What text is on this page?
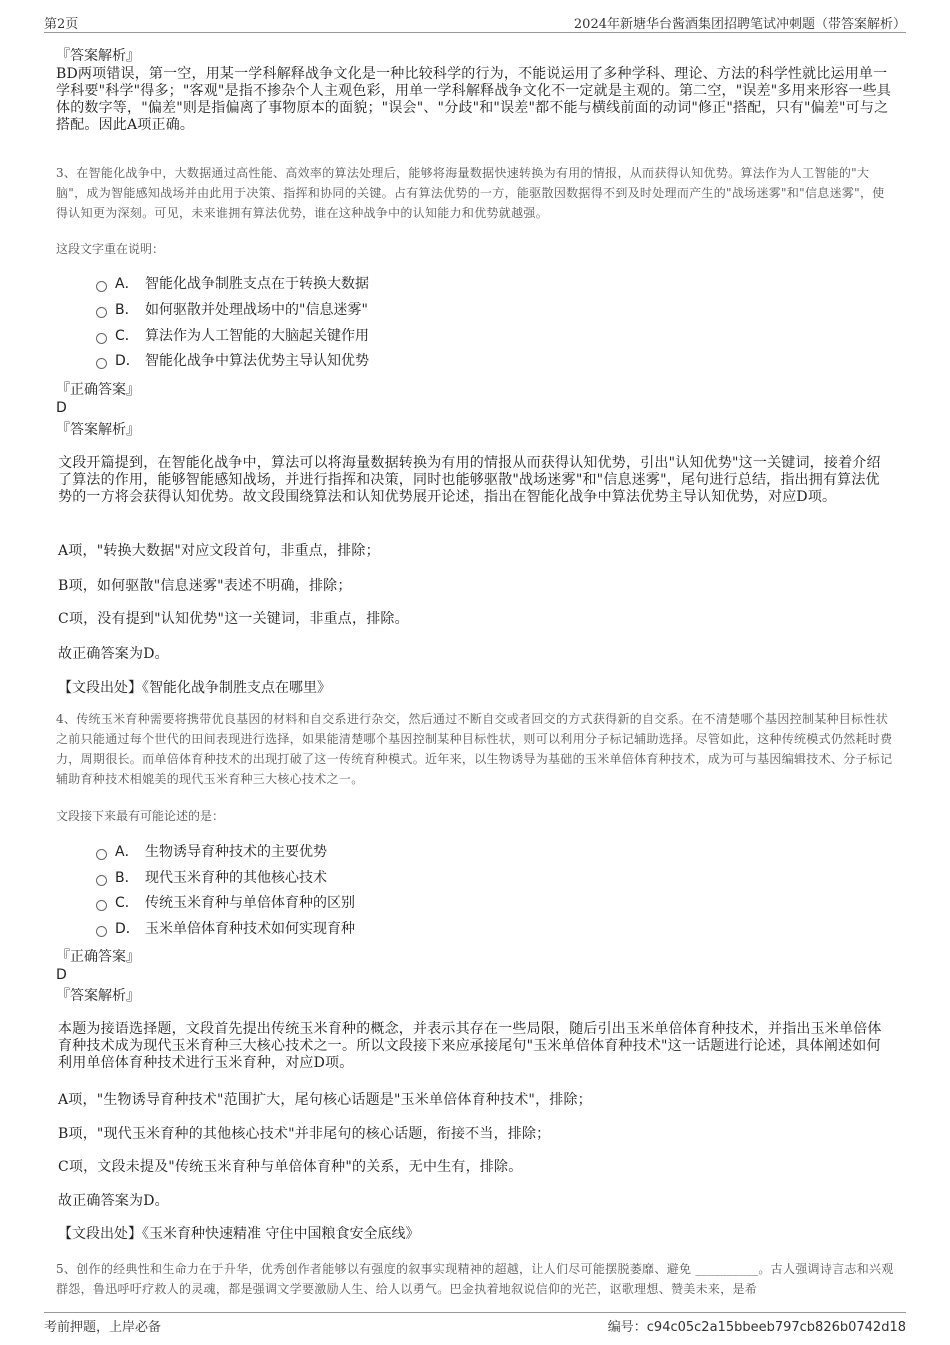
第2页	2024年新塘华台酱酒集团招聘笔试冲刺题（带答案解析）
『答案解析』
BD两项错误，第一空，用某一学科解释战争文化是一种比较科学的行为，不能说运用了多种学科、理论、方法的科学性就比运用单一学科要"科学"得多；"客观"是指不掺杂个人主观色彩，用单一学科解释战争文化不一定就是主观的。第二空，"误差"多用来形容一些具体的数字等，"偏差"则是指偏离了事物原本的面貌；"误会"、"分歧"和"误差"都不能与横线前面的动词"修正"搭配，只有"偏差"可与之搭配。因此A项正确。
3、在智能化战争中，大数据通过高性能、高效率的算法处理后，能够将海量数据快速转换为有用的情报，从而获得认知优势。算法作为人工智能的"大脑"，成为智能感知战场并由此用于决策、指挥和协同的关键。占有算法优势的一方，能驱散因数据得不到及时处理而产生的"战场迷雾"和"信息迷雾"，使得认知更为深刻。可见，未来谁拥有算法优势，谁在这种战争中的认知能力和优势就越强。
这段文字重在说明：
A． 智能化战争制胜支点在于转换大数据
B． 如何驱散并处理战场中的"信息迷雾"
C． 算法作为人工智能的大脑起关键作用
D． 智能化战争中算法优势主导认知优势
『正确答案』
D
『答案解析』
文段开篇提到，在智能化战争中，算法可以将海量数据转换为有用的情报从而获得认知优势，引出"认知优势"这一关键词，接着介绍了算法的作用，能够智能感知战场，并进行指挥和决策，同时也能够驱散"战场迷雾"和"信息迷雾"，尾句进行总结，指出拥有算法优势的一方将会获得认知优势。故文段围绕算法和认知优势展开论述，指出在智能化战争中算法优势主导认知优势，对应D项。
A项，"转换大数据"对应文段首句，非重点，排除；
B项，如何驱散"信息迷雾"表述不明确，排除；
C项，没有提到"认知优势"这一关键词，非重点，排除。
故正确答案为D。
【文段出处】《智能化战争制胜支点在哪里》
4、传统玉米育种需要将携带优良基因的材料和自交系进行杂交，然后通过不断自交或者回交的方式获得新的自交系。在不清楚哪个基因控制某种目标性状之前只能通过每个世代的田间表现进行选择，如果能清楚哪个基因控制某种目标性状，则可以利用分子标记辅助选择。尽管如此，这种传统模式仍然耗时费力，周期很长。而单倍体育种技术的出现打破了这一传统育种模式。近年来，以生物诱导为基础的玉米单倍体育种技术，成为可与基因编辑技术、分子标记辅助育种技术相媲美的现代玉米育种三大核心技术之一。
文段接下来最有可能论述的是：
A． 生物诱导育种技术的主要优势
B． 现代玉米育种的其他核心技术
C． 传统玉米育种与单倍体育种的区别
D． 玉米单倍体育种技术如何实现育种
『正确答案』
D
『答案解析』
本题为接语选择题，文段首先提出传统玉米育种的概念，并表示其存在一些局限，随后引出玉米单倍体育种技术，并指出玉米单倍体育种技术成为现代玉米育种三大核心技术之一。所以文段接下来应承接尾句"玉米单倍体育种技术"这一话题进行论述，具体阐述如何利用单倍体育种技术进行玉米育种，对应D项。
A项，"生物诱导育种技术"范围扩大，尾句核心话题是"玉米单倍体育种技术"，排除；
B项，"现代玉米育种的其他核心技术"并非尾句的核心话题，衔接不当，排除；
C项，文段未提及"传统玉米育种与单倍体育种"的关系，无中生有，排除。
故正确答案为D。
【文段出处】《玉米育种快速精准 守住中国粮食安全底线》
5、创作的经典性和生命力在于升华，优秀创作者能够以有强度的叙事实现精神的超越，让人们尽可能摆脱萎靡、避免 __________。古人强调诗言志和兴观群怨，鲁迅呼吁疗救人的灵魂，都是强调文学要激励人生、给人以勇气。巴金执着地叙说信仰的光芒，讴歌理想、赞美未来，是希
考前押题，上岸必备	编号：c94c05c2a15bbeeb797cb826b0742d18
